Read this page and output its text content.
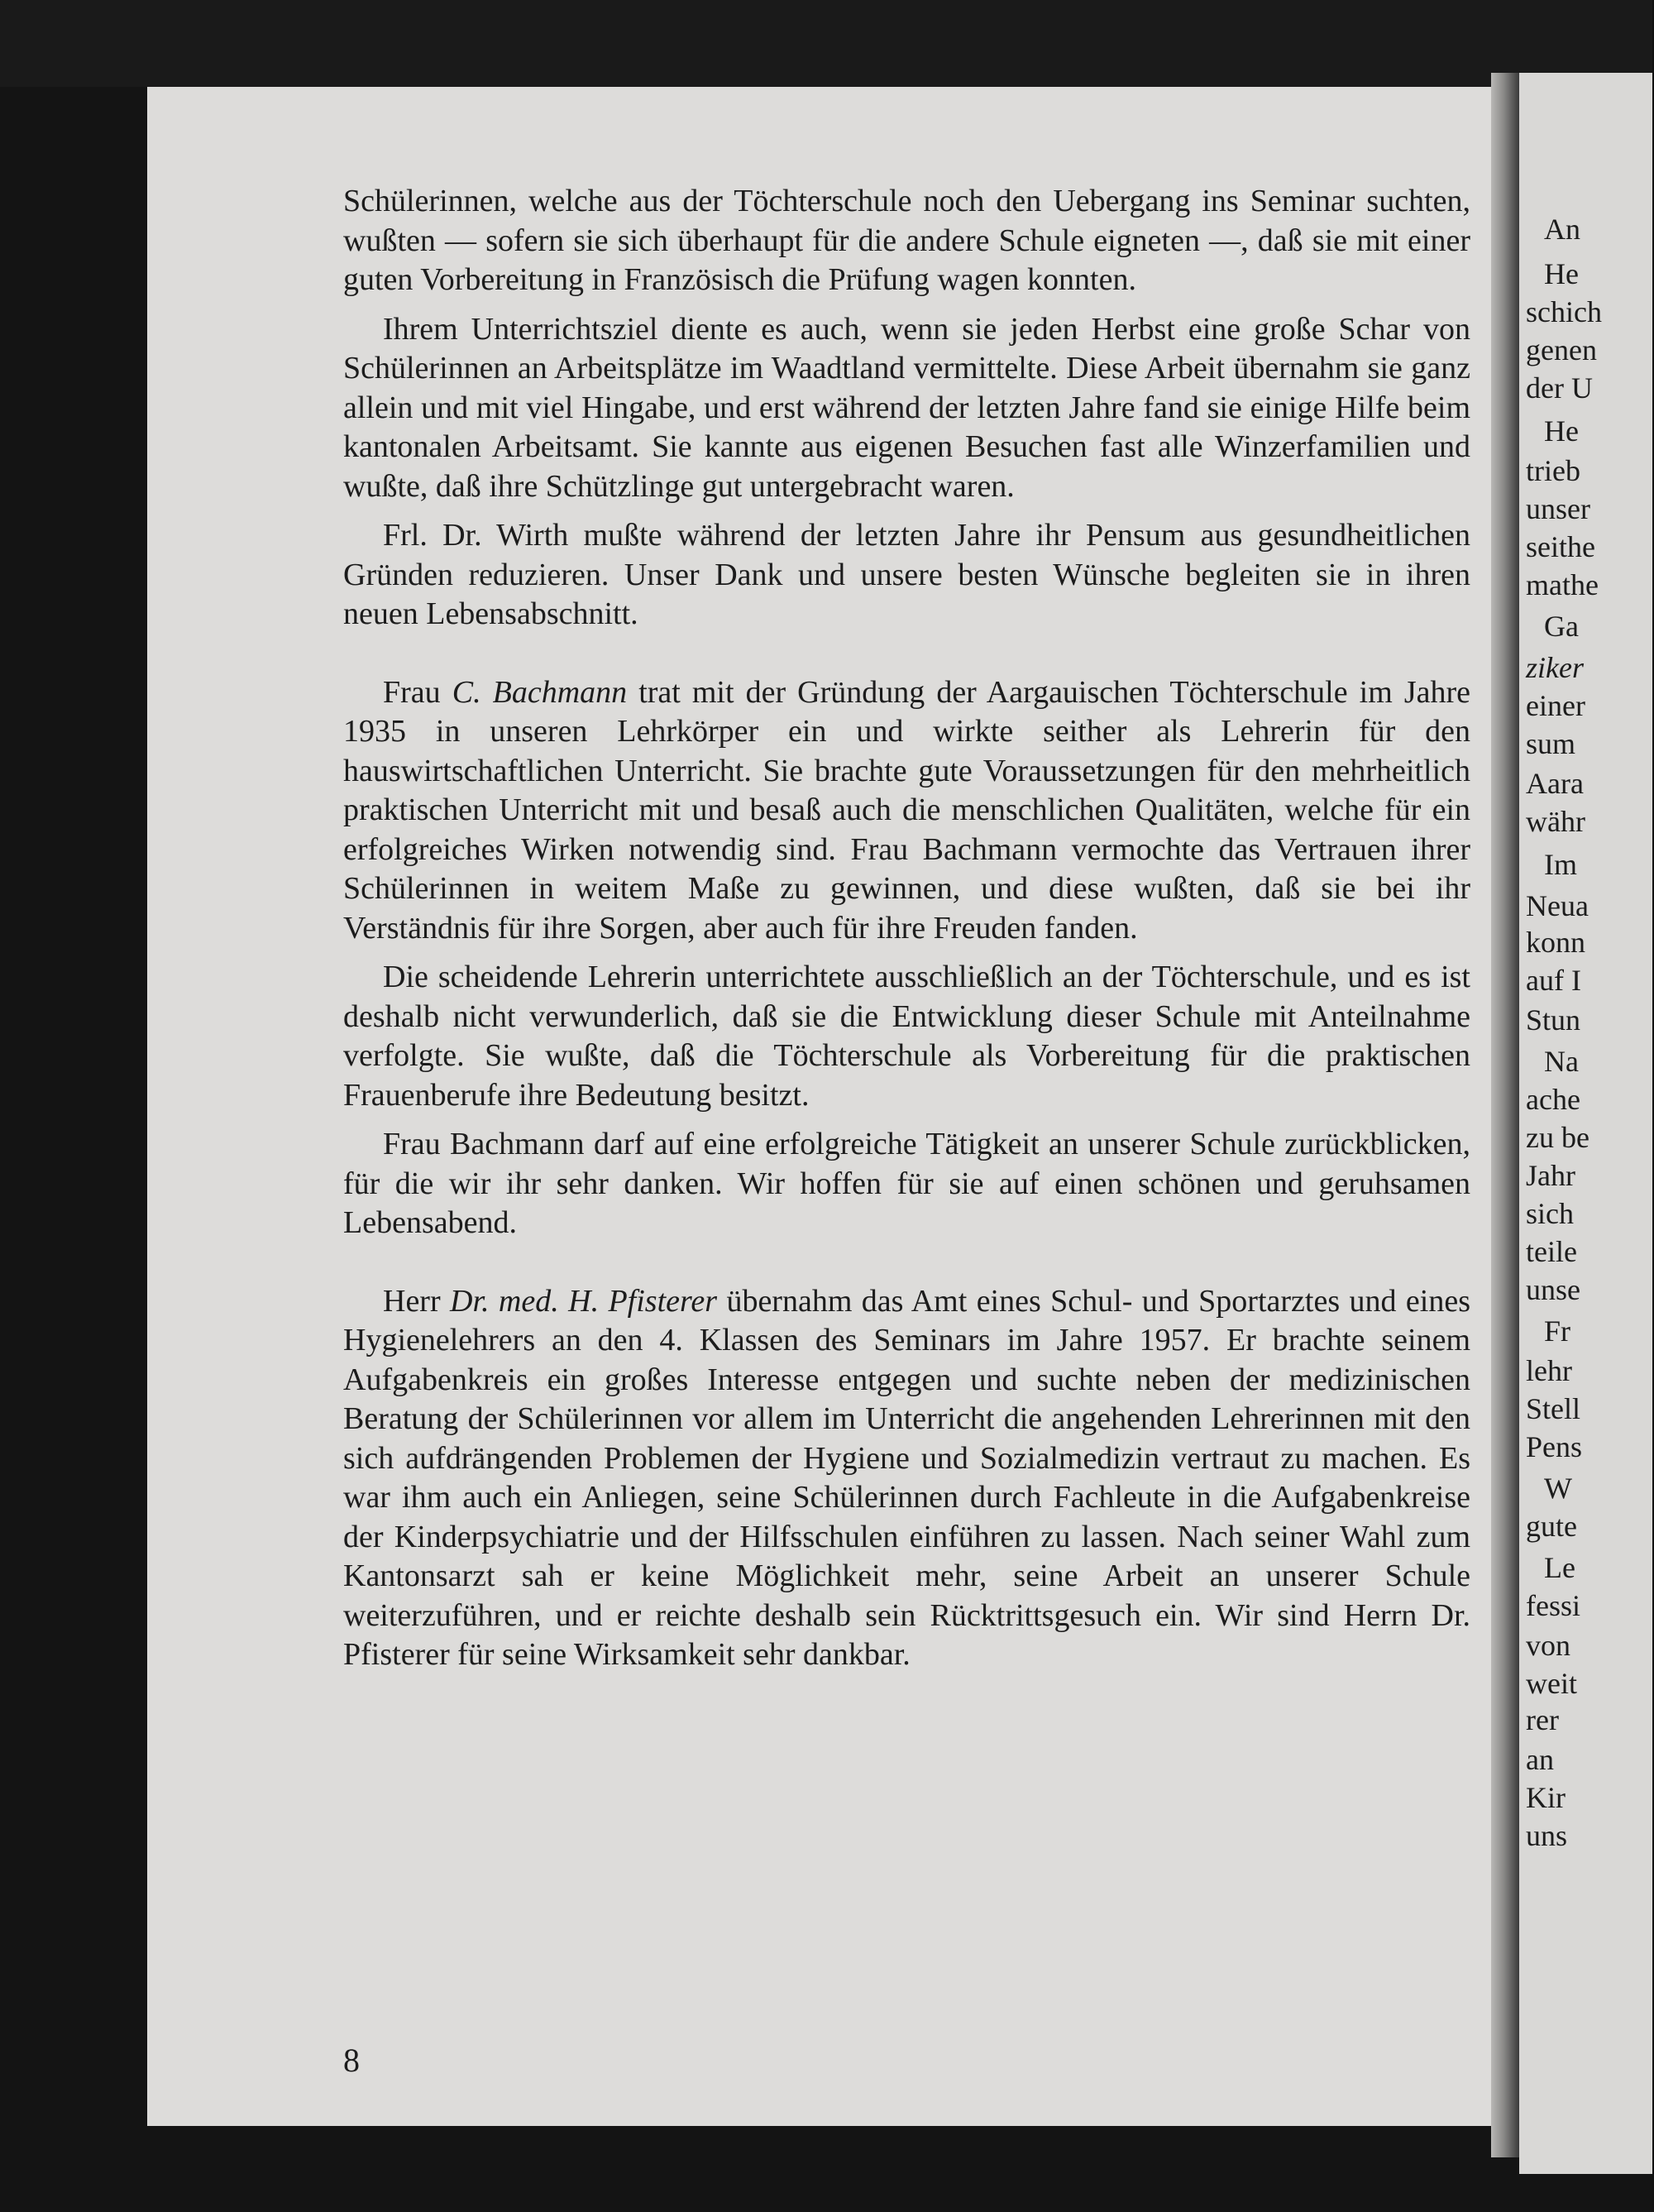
Schülerinnen, welche aus der Töchterschule noch den Uebergang ins Seminar suchten, wußten — sofern sie sich überhaupt für die andere Schule eigneten —, daß sie mit einer guten Vorbereitung in Französisch die Prüfung wagen konnten.

Ihrem Unterrichtsziel diente es auch, wenn sie jeden Herbst eine große Schar von Schülerinnen an Arbeitsplätze im Waadtland vermittelte. Diese Arbeit übernahm sie ganz allein und mit viel Hingabe, und erst während der letzten Jahre fand sie einige Hilfe beim kantonalen Arbeitsamt. Sie kannte aus eigenen Besuchen fast alle Winzerfamilien und wußte, daß ihre Schützlinge gut untergebracht waren.

Frl. Dr. Wirth mußte während der letzten Jahre ihr Pensum aus gesundheitlichen Gründen reduzieren. Unser Dank und unsere besten Wünsche begleiten sie in ihren neuen Lebensabschnitt.

Frau C. Bachmann trat mit der Gründung der Aargauischen Töchterschule im Jahre 1935 in unseren Lehrkörper ein und wirkte seither als Lehrerin für den hauswirtschaftlichen Unterricht. Sie brachte gute Voraussetzungen für den mehrheitlich praktischen Unterricht mit und besaß auch die menschlichen Qualitäten, welche für ein erfolgreiches Wirken notwendig sind. Frau Bachmann vermochte das Vertrauen ihrer Schülerinnen in weitem Maße zu gewinnen, und diese wußten, daß sie bei ihr Verständnis für ihre Sorgen, aber auch für ihre Freuden fanden.

Die scheidende Lehrerin unterrichtete ausschließlich an der Töchterschule, und es ist deshalb nicht verwunderlich, daß sie die Entwicklung dieser Schule mit Anteilnahme verfolgte. Sie wußte, daß die Töchterschule als Vorbereitung für die praktischen Frauenberufe ihre Bedeutung besitzt.

Frau Bachmann darf auf eine erfolgreiche Tätigkeit an unserer Schule zurückblicken, für die wir ihr sehr danken. Wir hoffen für sie auf einen schönen und geruhsamen Lebensabend.

Herr Dr. med. H. Pfisterer übernahm das Amt eines Schul- und Sportarztes und eines Hygienelehrers an den 4. Klassen des Seminars im Jahre 1957. Er brachte seinem Aufgabenkreis ein großes Interesse entgegen und suchte neben der medizinischen Beratung der Schülerinnen vor allem im Unterricht die angehenden Lehrerinnen mit den sich aufdrängenden Problemen der Hygiene und Sozialmedizin vertraut zu machen. Es war ihm auch ein Anliegen, seine Schülerinnen durch Fachleute in die Aufgabenkreise der Kinderpsychiatrie und der Hilfsschulen einführen zu lassen. Nach seiner Wahl zum Kantonsarzt sah er keine Möglichkeit mehr, seine Arbeit an unserer Schule weiterzuführen, und er reichte deshalb sein Rücktrittsgesuch ein. Wir sind Herrn Dr. Pfisterer für seine Wirksamkeit sehr dankbar.

8
An
He
schich
genen
der U
He
trieb
unser
seithe
mathe
Ga
ziker
einer
sum
Aara
währ
Im
Neua
konn
auf I
Stun
Na
ache
zu be
Jahr
sich
teile
unse
Fr
lehr
Stell
Pens
W
gute
Le
fessi
von
weit
rer
an
Kir
uns
